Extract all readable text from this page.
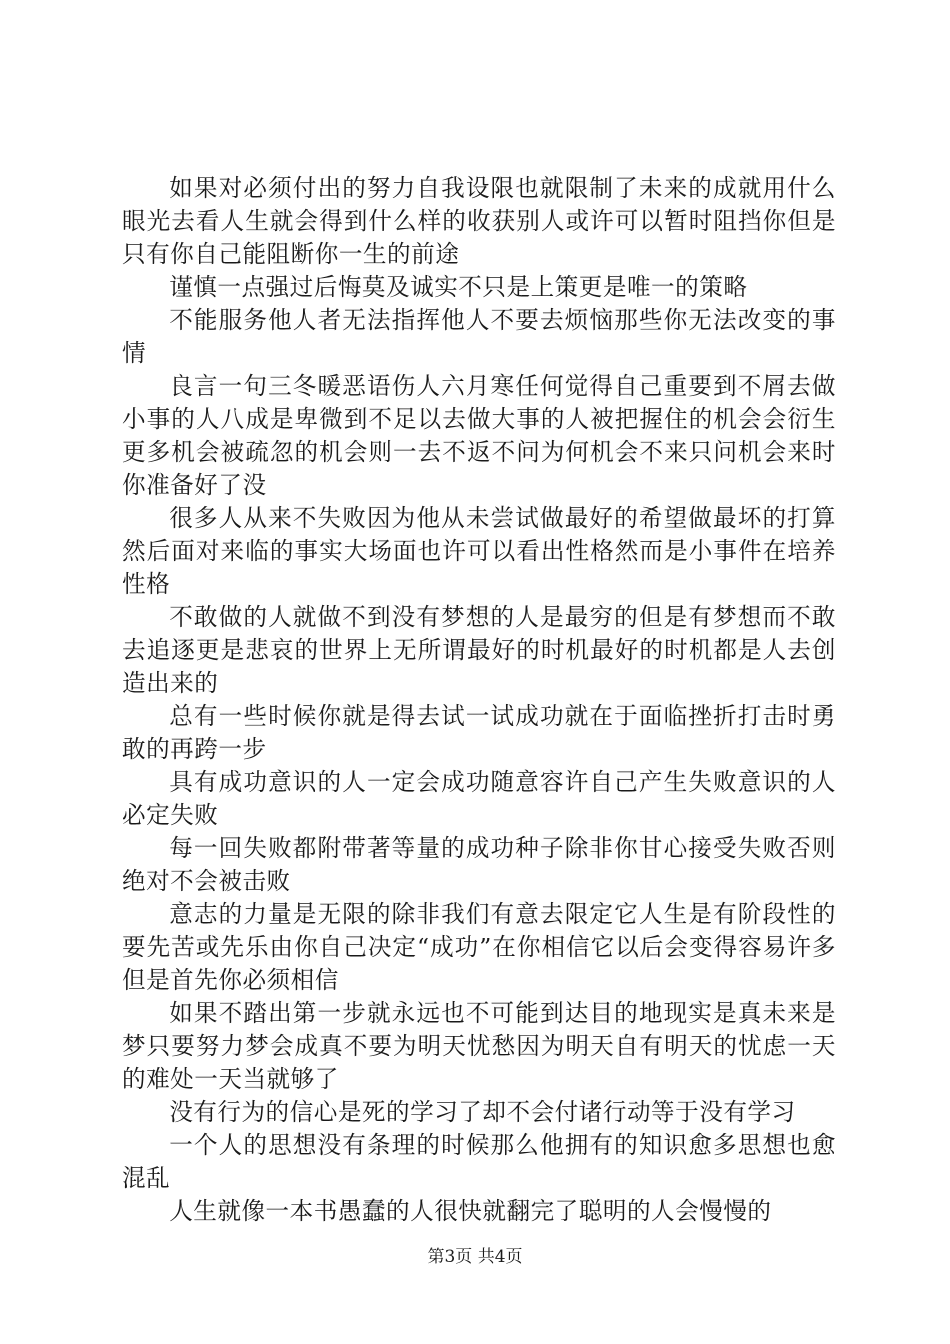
如果对必须付出的努力自我设限也就限制了未来的成就用什么眼光去看人生就会得到什么样的收获别人或许可以暂时阻挡你但是只有你自己能阻断你一生的前途

谨慎一点强过后悔莫及诚实不只是上策更是唯一的策略

不能服务他人者无法指挥他人不要去烦恼那些你无法改变的事情

良言一句三冬暖恶语伤人六月寒任何觉得自己重要到不屑去做小事的人八成是卑微到不足以去做大事的人被把握住的机会会衍生更多机会被疏忽的机会则一去不返不问为何机会不来只问机会来时你准备好了没

很多人从来不失败因为他从未尝试做最好的希望做最坏的打算然后面对来临的事实大场面也许可以看出性格然而是小事件在培养性格

不敢做的人就做不到没有梦想的人是最穷的但是有梦想而不敢去追逐更是悲哀的世界上无所谓最好的时机最好的时机都是人去创造出来的

总有一些时候你就是得去试一试成功就在于面临挫折打击时勇敢的再跨一步

具有成功意识的人一定会成功随意容许自己产生失败意识的人必定失败

每一回失败都附带著等量的成功种子除非你甘心接受失败否则绝对不会被击败

意志的力量是无限的除非我们有意去限定它人生是有阶段性的要先苦或先乐由你自己决定“成功”在你相信它以后会变得容易许多但是首先你必须相信

如果不踏出第一步就永远也不可能到达目的地现实是真未来是梦只要努力梦会成真不要为明天忧愁因为明天自有明天的忧虑一天的难处一天当就够了

没有行为的信心是死的学习了却不会付诸行动等于没有学习

一个人的思想没有条理的时候那么他拥有的知识愈多思想也愈混乱

人生就像一本书愚蠢的人很快就翻完了聪明的人会慢慢的

第3页 共4页
